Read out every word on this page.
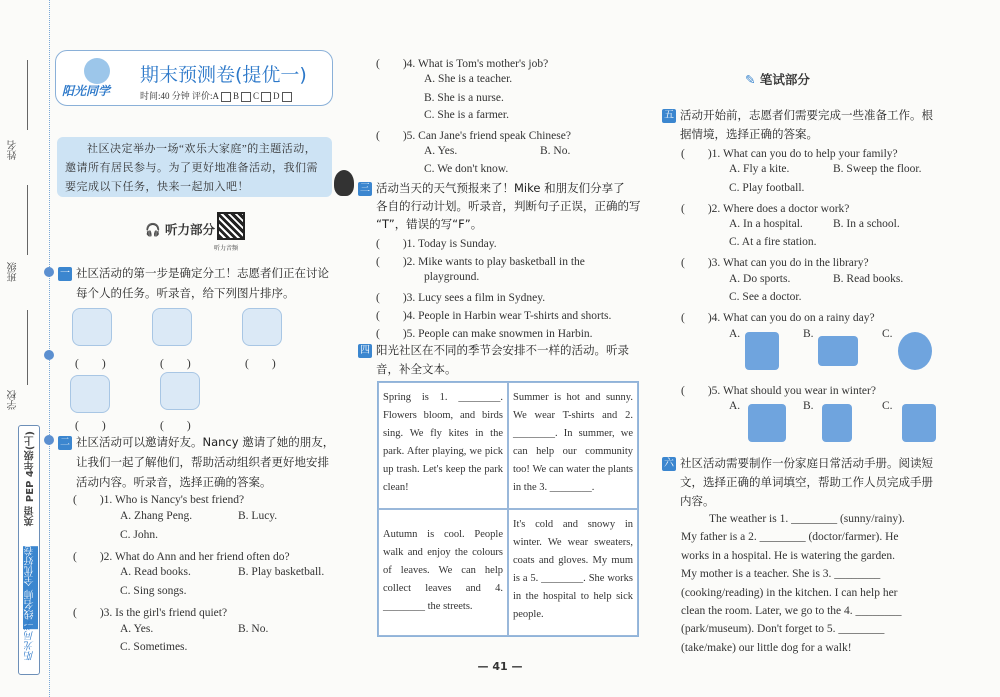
姓名
班级
学校
英语 PEP 4年级(上)
一线名师 全优好卷
阳光同学
阳光同学
期末预测卷(提优一)
时间:40 分钟 评价:A B C D
社区决定举办一场“欢乐大家庭”的主题活动，邀请所有居民参与。为了更好地准备活动，我们需要完成以下任务，快来一起加入吧！
🎧 听力部分
听力音频
一 社区活动的第一步是确定分工！志愿者们正在讨论
每个人的任务。听录音，给下列图片排序。
(　　)	(　　)	(　　)
(　　)	(　　)
二 社区活动可以邀请好友。Nancy 邀请了她的朋友，
让我们一起了解他们，帮助活动组织者更好地安排
活动内容。听录音，选择正确的答案。
(　　)1. Who is Nancy's best friend?
A. Zhang Peng.	B. Lucy.
C. John.
(　　)2. What do Ann and her friend often do?
A. Read books.	B. Play basketball.
C. Sing songs.
(　　)3. Is the girl's friend quiet?
A. Yes.	B. No.
C. Sometimes.
(　　)4. What is Tom's mother's job?
A. She is a teacher.
B. She is a nurse.
C. She is a farmer.
(　　)5. Can Jane's friend speak Chinese?
A. Yes.	B. No.
C. We don't know.
三 活动当天的天气预报来了！Mike 和朋友们分享了
各自的行动计划。听录音，判断句子正误，正确的写
“T”，错误的写“F”。
(　　)1. Today is Sunday.
(　　)2. Mike wants to play basketball in the
playground.
(　　)3. Lucy sees a film in Sydney.
(　　)4. People in Harbin wear T-shirts and shorts.
(　　)5. People can make snowmen in Harbin.
四 阳光社区在不同的季节会安排不一样的活动。听录
音，补全文本。
Spring is 1. ________. Flowers bloom, and birds sing. We fly kites in the park. After playing, we pick up trash. Let's keep the park clean!
Summer is hot and sunny. We wear T-shirts and 2. ________. In summer, we can help our community too! We can water the plants in the 3. ________.
Autumn is cool. People walk and enjoy the colours of leaves. We can help collect leaves and 4. ________ the streets.
It's cold and snowy in winter. We wear sweaters, coats and gloves. My mum is a 5. ________. She works in the hospital to help sick people.
✎ 笔试部分
五 活动开始前，志愿者们需要完成一些准备工作。根
据情境，选择正确的答案。
(　　)1. What can you do to help your family?
A. Fly a kite.	B. Sweep the floor.
C. Play football.
(　　)2. Where does a doctor work?
A. In a hospital.	B. In a school.
C. At a fire station.
(　　)3. What can you do in the library?
A. Do sports.	B. Read books.
C. See a doctor.
(　　)4. What can you do on a rainy day?
A.	B.	C.
(　　)5. What should you wear in winter?
A.	B.	C.
六 社区活动需要制作一份家庭日常活动手册。阅读短
文，选择正确的单词填空，帮助工作人员完成手册
内容。
The weather is 1. ________ (sunny/rainy).
My father is a 2. ________ (doctor/farmer). He
works in a hospital. He is watering the garden.
My mother is a teacher. She is 3. ________
(cooking/reading) in the kitchen. I can help her
clean the room. Later, we go to the 4. ________
(park/museum). Don't forget to 5. ________
(take/make) our little dog for a walk!
— 41 —
